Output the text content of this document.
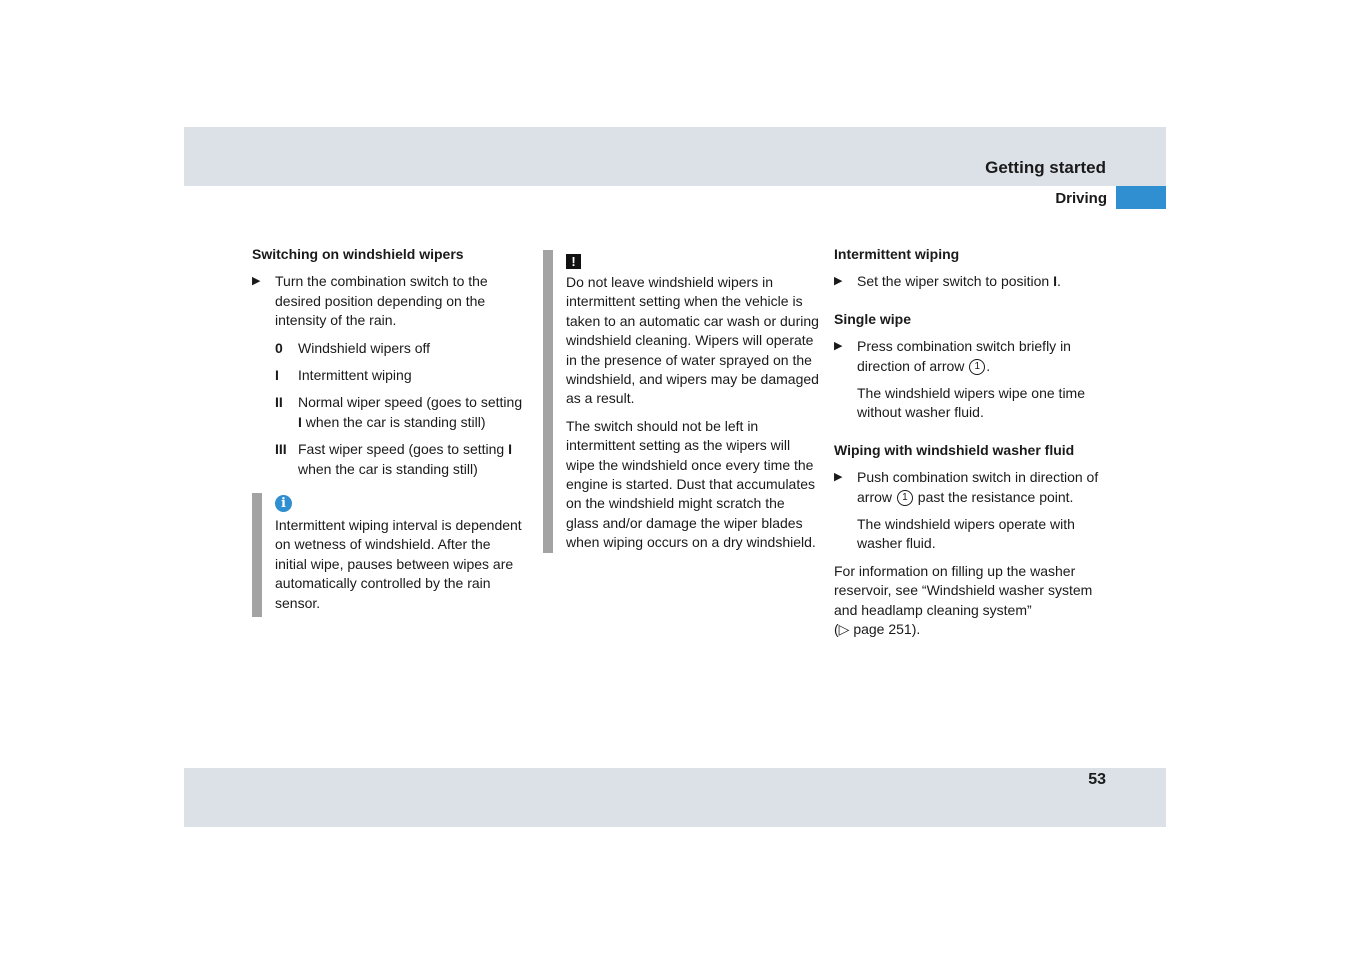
Getting started
Driving
Switching on windshield wipers
▶ Turn the combination switch to the desired position depending on the intensity of the rain.
0 Windshield wipers off
I Intermittent wiping
II Normal wiper speed (goes to setting I when the car is standing still)
III Fast wiper speed (goes to setting I when the car is standing still)
i
Intermittent wiping interval is dependent on wetness of windshield. After the initial wipe, pauses between wipes are automatically controlled by the rain sensor.
!

Do not leave windshield wipers in intermittent setting when the vehicle is taken to an automatic car wash or during windshield cleaning. Wipers will operate in the presence of water sprayed on the windshield, and wipers may be damaged as a result.

The switch should not be left in intermittent setting as the wipers will wipe the windshield once every time the engine is started. Dust that accumulates on the windshield might scratch the glass and/or damage the wiper blades when wiping occurs on a dry windshield.

Intermittent wiping
▶ Set the wiper switch to position I.
Single wipe
▶ Press combination switch briefly in direction of arrow 1 .
The windshield wipers wipe one time without washer fluid.
Wiping with windshield washer fluid
▶ Push combination switch in direction of arrow 1 past the resistance point.
The windshield wipers operate with washer fluid.

For information on filling up the washer reservoir, see “Windshield washer system and headlamp cleaning system”
(▷ page 251).

53
